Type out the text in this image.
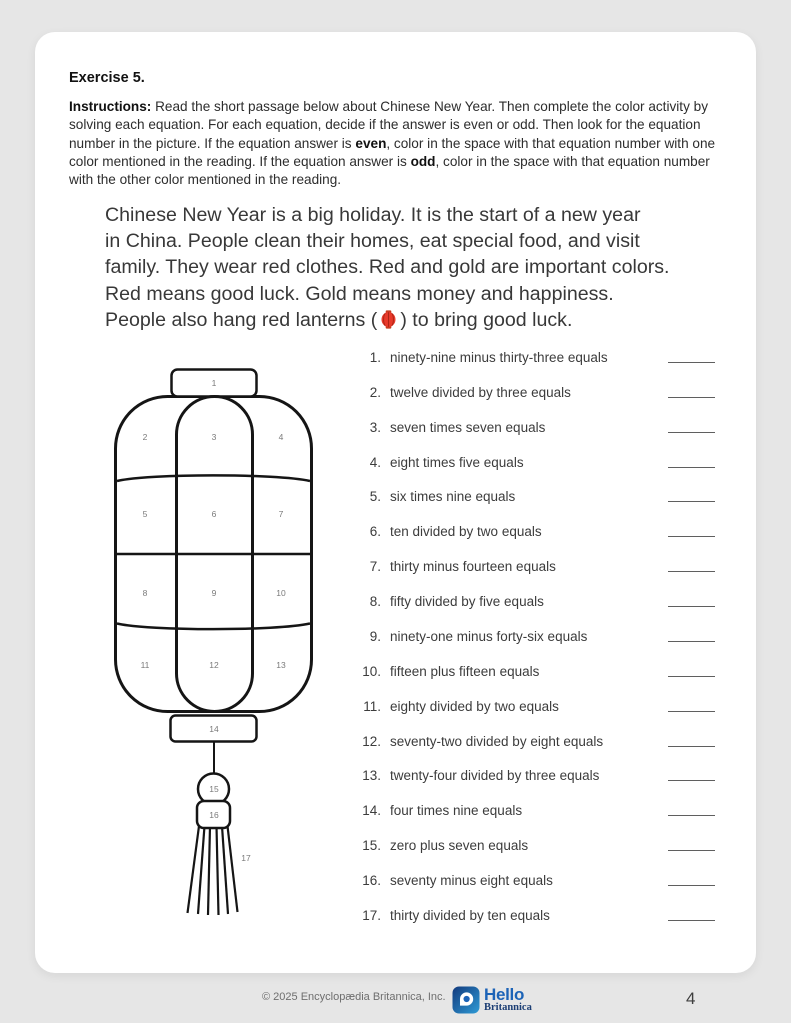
Exercise 5.
Instructions: Read the short passage below about Chinese New Year. Then complete the color activity by solving each equation. For each equation, decide if the answer is even or odd. Then look for the equation number in the picture. If the equation answer is even, color in the space with that equation number with one color mentioned in the reading. If the equation answer is odd, color in the space with that equation number with the other color mentioned in the reading.
Chinese New Year is a big holiday. It is the start of a new year
in China. People clean their homes, eat special food, and visit
family. They wear red clothes. Red and gold are important colors.
Red means good luck. Gold means money and happiness.
People also hang red lanterns ( ) to bring good luck.
1
2	3	4
5	6	7
8	9	10
11	12	13
14
15
16
17
1. ninety-nine minus thirty-three equals
2. twelve divided by three equals
3. seven times seven equals
4. eight times five equals
5. six times nine equals
6. ten divided by two equals
7. thirty minus fourteen equals
8. fifty divided by five equals
9. ninety-one minus forty-six equals
10. fifteen plus fifteen equals
11. eighty divided by two equals
12. seventy-two divided by eight equals
13. twenty-four divided by three equals
14. four times nine equals
15. zero plus seven equals
16. seventy minus eight equals
17. thirty divided by ten equals
© 2025 Encyclopædia Britannica, Inc. Hello
Britannica	4
